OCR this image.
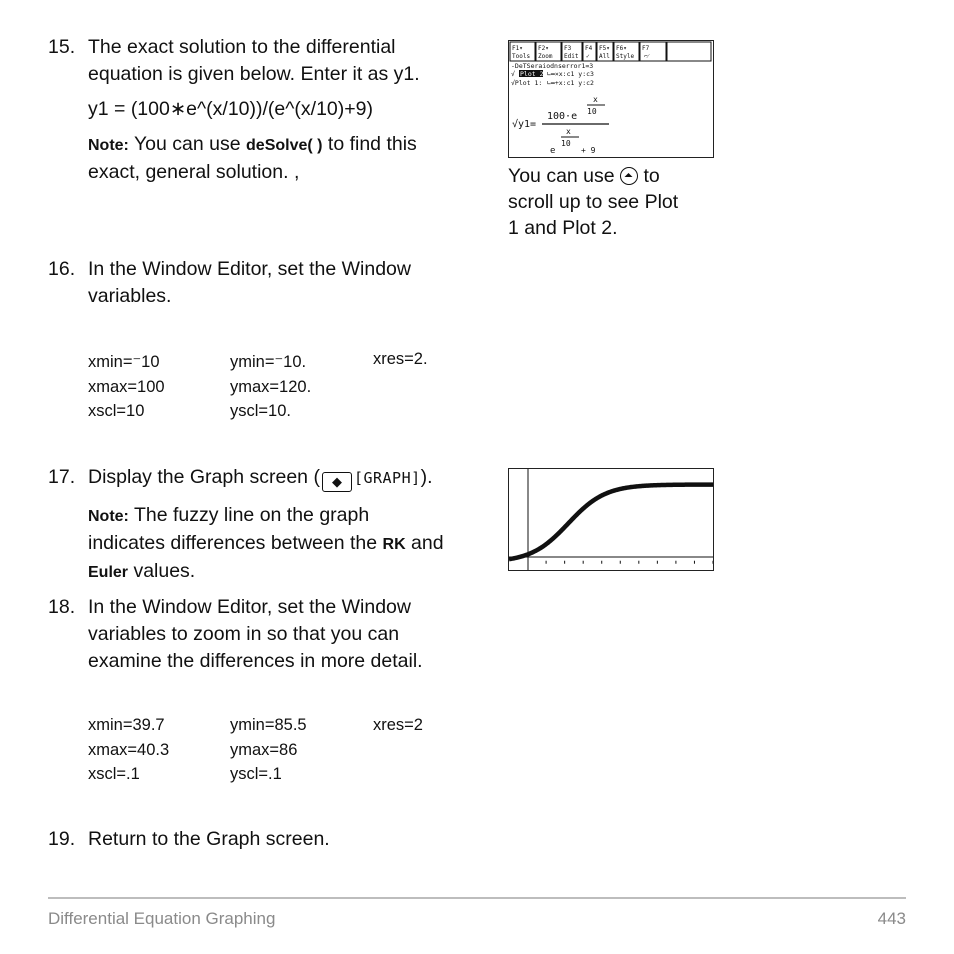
15. The exact solution to the differential
equation is given below. Enter it as y1.
y1 = (100∗e^(x/10))/(e^(x/10)+9)
Note: You can use deSolve( ) to find this
exact, general solution. ,
F1▾
Tools
F2▾
Zoom
F3
Edit
F4
✓
F5▾
All
F6▾
Style
F7
⌐⁄
-DeTSeraiodnserror1=3
√ Plot 2: ∟═×x:c1 y:c3
√Plot 1: ∟═+x:c1 y:c2
√y1=
100·e
x
10
x
10
e	+ 9
You can use to
scroll up to see Plot
1 and Plot 2.
16. In the Window Editor, set the Window
variables.
xmin=⁻10
xmax=100
xscl=10
ymin=⁻10.
ymax=120.
yscl=10.
xres=2.
17. Display the Graph screen ( ◆ [GRAPH]).
Note: The fuzzy line on the graph
indicates differences between the RK and
Euler values.
18. In the Window Editor, set the Window
variables to zoom in so that you can
examine the differences in more detail.
xmin=39.7
xmax=40.3
xscl=.1
ymin=85.5
ymax=86
yscl=.1
xres=2
19. Return to the Graph screen.
Differential Equation Graphing	443
